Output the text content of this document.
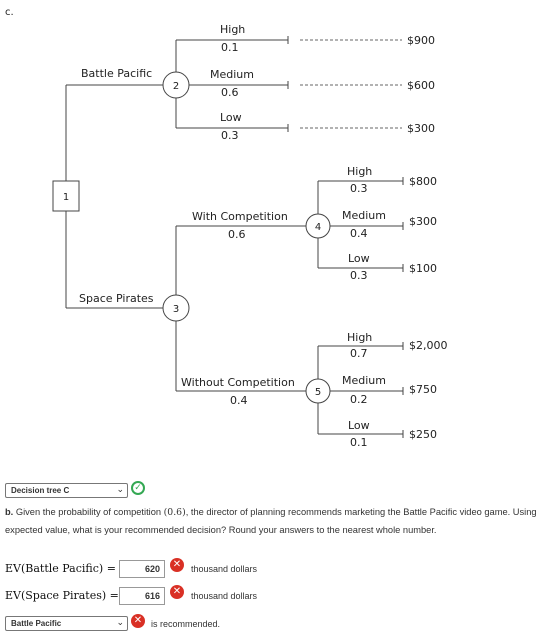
1
2
3
4
5
c.
Battle Pacific
Space Pirates
High
0.1
Medium
0.6
Low
0.3
$900
$600
$300
With Competition
0.6
Without Competition
0.4
High
0.3
Medium
0.4
Low
0.3
$800
$300
$100
High
0.7
Medium
0.2
Low
0.1
$2,000
$750
$250
Decision tree C	⌄	✓
b. Given the probability of competition (0.6), the director of planning recommends marketing the Battle Pacific video game. Using expected value, what is your recommended decision? Round your answers to the nearest whole number.
EV(Battle Pacific) =	620	✕	thousand dollars
EV(Space Pirates) =	616	✕	thousand dollars
Battle Pacific	⌄ ✕ is recommended.
